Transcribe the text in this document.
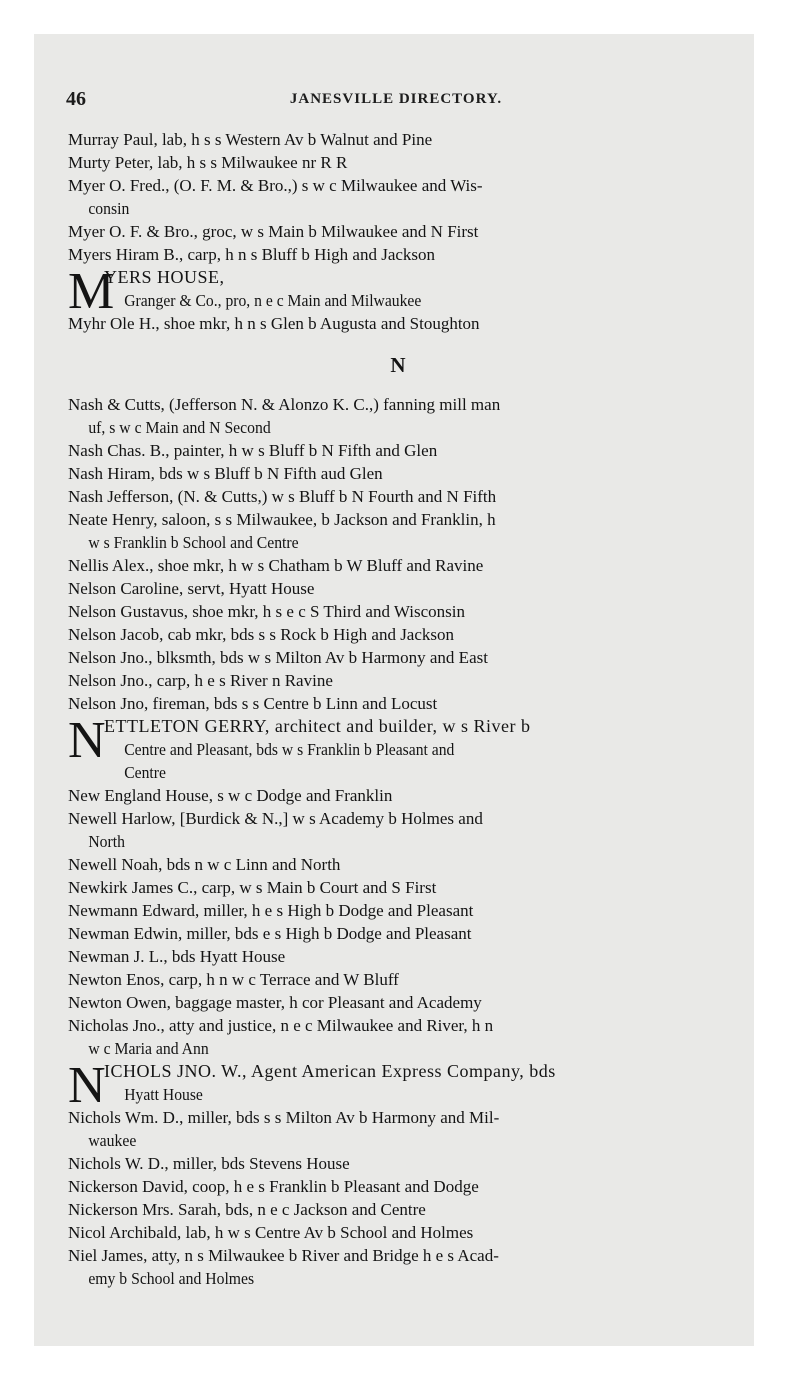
46	JANESVILLE DIRECTORY.
Murray Paul, lab, h s s Western Av b Walnut and Pine
Murty Peter, lab, h s s Milwaukee nr R R
Myer O. Fred., (O. F. M. & Bro.,) s w c Milwaukee and Wis-
consin
Myer O. F. & Bro., groc, w s Main b Milwaukee and N First
Myers Hiram B., carp, h n s Bluff b High and Jackson
M
YERS HOUSE,
Granger & Co., pro, n e c Main and Milwaukee
Myhr Ole H., shoe mkr, h n s Glen b Augusta and Stoughton
N
Nash & Cutts, (Jefferson N. & Alonzo K. C.,) fanning mill man
uf, s w c Main and N Second
Nash Chas. B., painter, h w s Bluff b N Fifth and Glen
Nash Hiram, bds w s Bluff b N Fifth aud Glen
Nash Jefferson, (N. & Cutts,) w s Bluff b N Fourth and N Fifth
Neate Henry, saloon, s s Milwaukee, b Jackson and Franklin, h
w s Franklin b School and Centre
Nellis Alex., shoe mkr, h w s Chatham b W Bluff and Ravine
Nelson Caroline, servt, Hyatt House
Nelson Gustavus, shoe mkr, h s e c S Third and Wisconsin
Nelson Jacob, cab mkr, bds s s Rock b High and Jackson
Nelson Jno., blksmth, bds w s Milton Av b Harmony and East
Nelson Jno., carp, h e s River n Ravine
Nelson Jno, fireman, bds s s Centre b Linn and Locust
N
ETTLETON GERRY, architect and builder, w s River b
Centre and Pleasant, bds w s Franklin b Pleasant and
Centre
New England House, s w c Dodge and Franklin
Newell Harlow, [Burdick & N.,] w s Academy b Holmes and
North
Newell Noah, bds n w c Linn and North
Newkirk James C., carp, w s Main b Court and S First
Newmann Edward, miller, h e s High b Dodge and Pleasant
Newman Edwin, miller, bds e s High b Dodge and Pleasant
Newman J. L., bds Hyatt House
Newton Enos, carp, h n w c Terrace and W Bluff
Newton Owen, baggage master, h cor Pleasant and Academy
Nicholas Jno., atty and justice, n e c Milwaukee and River, h n
w c Maria and Ann
N
ICHOLS JNO. W., Agent American Express Company, bds
Hyatt House
Nichols Wm. D., miller, bds s s Milton Av b Harmony and Mil-
waukee
Nichols W. D., miller, bds Stevens House
Nickerson David, coop, h e s Franklin b Pleasant and Dodge
Nickerson Mrs. Sarah, bds, n e c Jackson and Centre
Nicol Archibald, lab, h w s Centre Av b School and Holmes
Niel James, atty, n s Milwaukee b River and Bridge h e s Acad-
emy b School and Holmes
